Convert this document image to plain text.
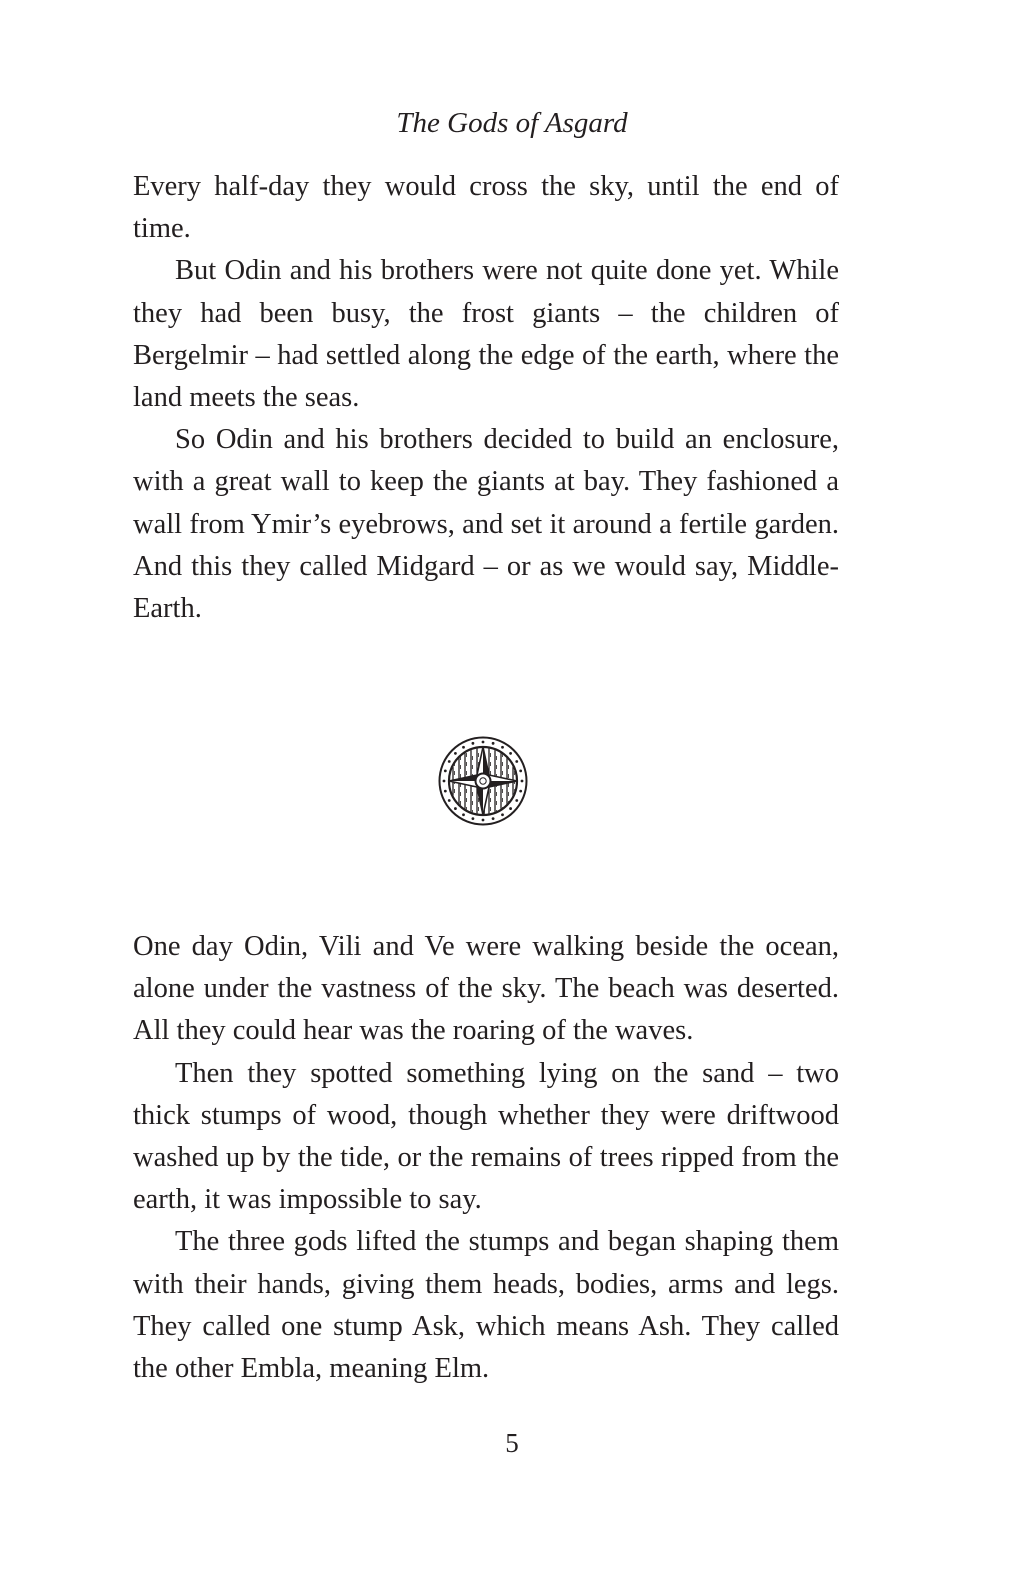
The Gods of Asgard

Every half-day they would cross the sky, until the end of time.

But Odin and his brothers were not quite done yet. While they had been busy, the frost giants – the children of Bergelmir – had settled along the edge of the earth, where the land meets the seas.

So Odin and his brothers decided to build an enclosure, with a great wall to keep the giants at bay. They fashioned a wall from Ymir’s eyebrows, and set it around a fertile garden. And this they called Midgard – or as we would say, Middle-Earth.

One day Odin, Vili and Ve were walking beside the ocean, alone under the vastness of the sky. The beach was deserted. All they could hear was the roaring of the waves.

Then they spotted something lying on the sand – two thick stumps of wood, though whether they were driftwood washed up by the tide, or the remains of trees ripped from the earth, it was impossible to say.

The three gods lifted the stumps and began shaping them with their hands, giving them heads, bodies, arms and legs. They called one stump Ask, which means Ash. They called the other Embla, meaning Elm.

5
